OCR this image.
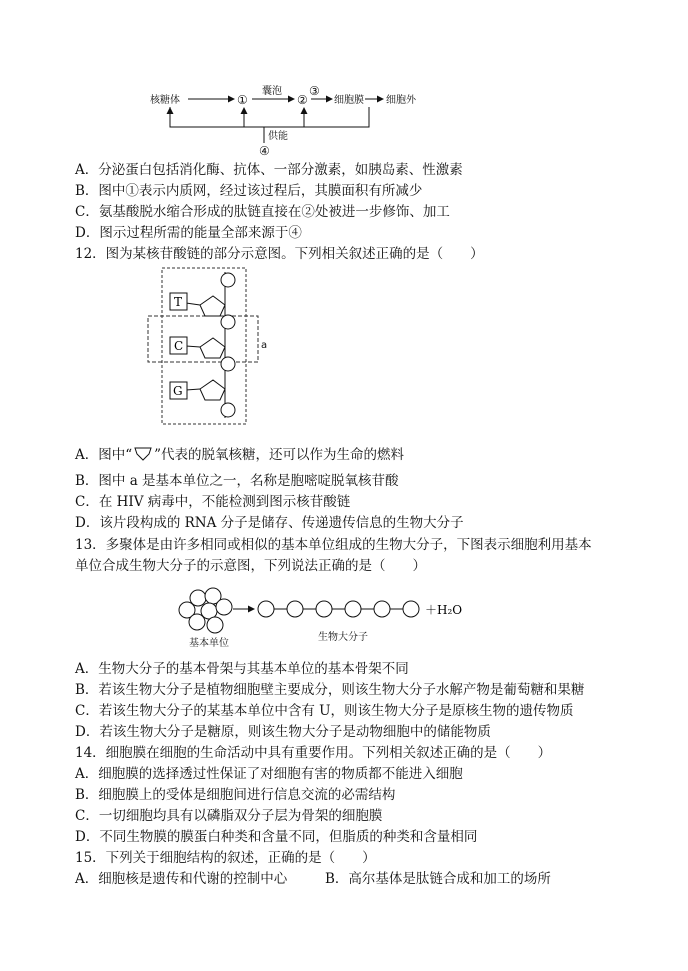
核糖体	①
囊泡
②
③
细胞膜 细胞外
供能
④
A．分泌蛋白包括消化酶、抗体、一部分激素，如胰岛素、性激素
B．图中①表示内质网，经过该过程后，其膜面积有所减少
C．氨基酸脱水缩合形成的肽链直接在②处被进一步修饰、加工
D．图示过程所需的能量全部来源于④
12．图为某核苷酸链的部分示意图。下列相关叙述正确的是（　　）
a
T
C
G
A．图中“ ”代表的脱氧核糖，还可以作为生命的燃料
B．图中 a 是基本单位之一，名称是胞嘧啶脱氧核苷酸
C．在 HIV 病毒中，不能检测到图示核苷酸链
D．该片段构成的 RNA 分子是储存、传递遗传信息的生物大分子
13．多聚体是由许多相同或相似的基本单位组成的生物大分子，下图表示细胞利用基本
单位合成生物大分子的示意图，下列说法正确的是（　　）
＋H₂O
基本单位
生物大分子
A．生物大分子的基本骨架与其基本单位的基本骨架不同
B．若该生物大分子是植物细胞壁主要成分，则该生物大分子水解产物是葡萄糖和果糖
C．若该生物大分子的某基本单位中含有 U，则该生物大分子是原核生物的遗传物质
D．若该生物大分子是糖原，则该生物大分子是动物细胞中的储能物质
14．细胞膜在细胞的生命活动中具有重要作用。下列相关叙述正确的是（　　）
A．细胞膜的选择透过性保证了对细胞有害的物质都不能进入细胞
B．细胞膜上的受体是细胞间进行信息交流的必需结构
C．一切细胞均具有以磷脂双分子层为骨架的细胞膜
D．不同生物膜的膜蛋白种类和含量不同，但脂质的种类和含量相同
15．下列关于细胞结构的叙述，正确的是（　　）
A．细胞核是遗传和代谢的控制中心	B．高尔基体是肽链合成和加工的场所
